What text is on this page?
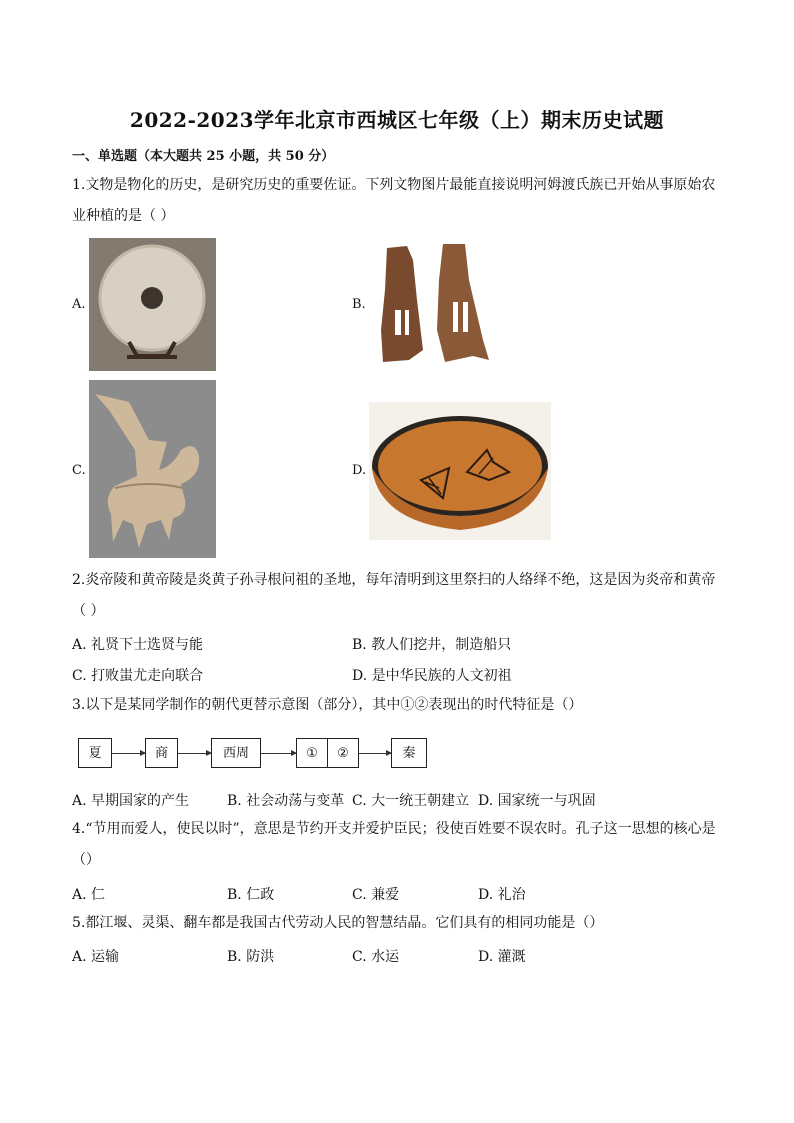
2022-2023学年北京市西城区七年级（上）期末历史试题
一、单选题（本大题共 25 小题，共 50 分）
1.文物是物化的历史，是研究历史的重要佐证。下列文物图片最能直接说明河姆渡氏族已开始从事原始农业种植的是（ ）
A.	B.
C.	D.
2.炎帝陵和黄帝陵是炎黄子孙寻根问祖的圣地，每年清明到这里祭扫的人络绎不绝，这是因为炎帝和黄帝（ ）
A. 礼贤下士选贤与能	B. 教人们挖井，制造船只
C. 打败蚩尤走向联合	D. 是中华民族的人文初祖
3.以下是某同学制作的朝代更替示意图（部分），其中①②表现出的时代特征是（）
夏	商	西周	①	②	秦
A. 早期国家的产生	B. 社会动荡与变革 C. 大一统王朝建立 D. 国家统一与巩固
4.“节用而爱人，使民以时”，意思是节约开支并爱护臣民；役使百姓要不误农时。孔子这一思想的核心是（）
A. 仁	B. 仁政	C. 兼爱	D. 礼治
5.都江堰、灵渠、翻车都是我国古代劳动人民的智慧结晶。它们具有的相同功能是（）
A. 运输	B. 防洪	C. 水运	D. 灌溉
